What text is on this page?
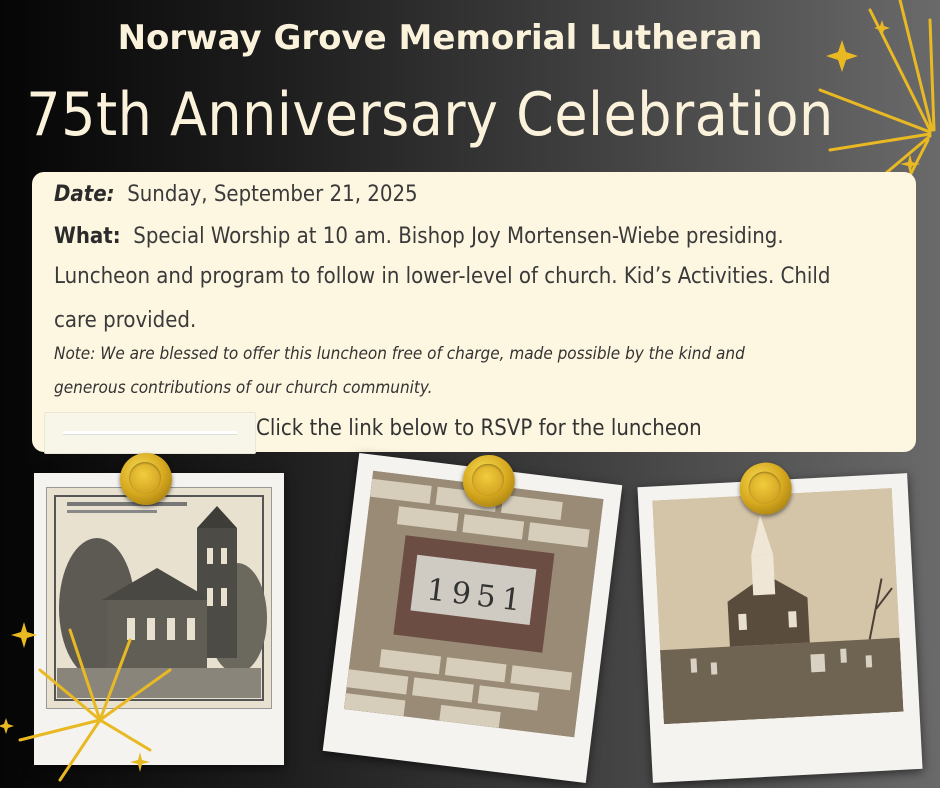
Norway Grove Memorial Lutheran
75th Anniversary Celebration
Date: Sunday, September 21, 2025
What: Special Worship at 10 am. Bishop Joy Mortensen-Wiebe presiding.
Luncheon and program to follow in lower-level of church. Kid’s Activities. Child
care provided.
Note: We are blessed to offer this luncheon free of charge, made possible by the kind and
generous contributions of our church community.
Click the link below to RSVP for the luncheon
1951
